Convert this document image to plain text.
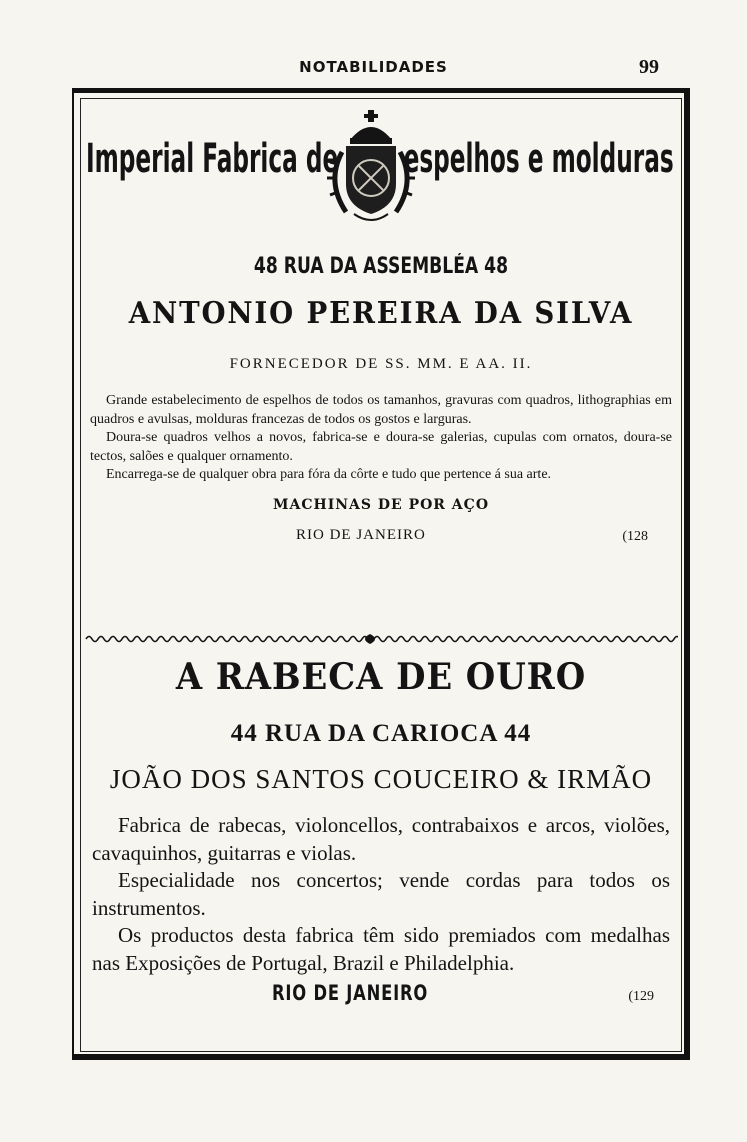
NOTABILIDADES	99
Imperial Fabrica de espelhos e molduras
48 RUA DA ASSEMBLÉA 48
ANTONIO PEREIRA DA SILVA
FORNECEDOR DE SS. MM. E AA. II.

Grande estabelecimento de espelhos de todos os tamanhos, gravuras com quadros, lithographias em quadros e avulsas, molduras francezas de todos os gostos e larguras.

Doura-se quadros velhos a novos, fabrica-se e doura-se galerias, cupulas com ornatos, doura-se tectos, salões e qualquer ornamento.

Encarrega-se de qualquer obra para fóra da côrte e tudo que pertence á sua arte.

MACHINAS DE POR AÇO
RIO DE JANEIRO	(128
A RABECA DE OURO
44 RUA DA CARIOCA 44
JOÃO DOS SANTOS COUCEIRO & IRMÃO

Fabrica de rabecas, violoncellos, contrabaixos e arcos, violões, cavaquinhos, guitarras e violas.

Especialidade nos concertos; vende cordas para todos os instrumentos.

Os productos desta fabrica têm sido premiados com medalhas nas Exposições de Portugal, Brazil e Philadelphia.

RIO DE JANEIRO	(129
